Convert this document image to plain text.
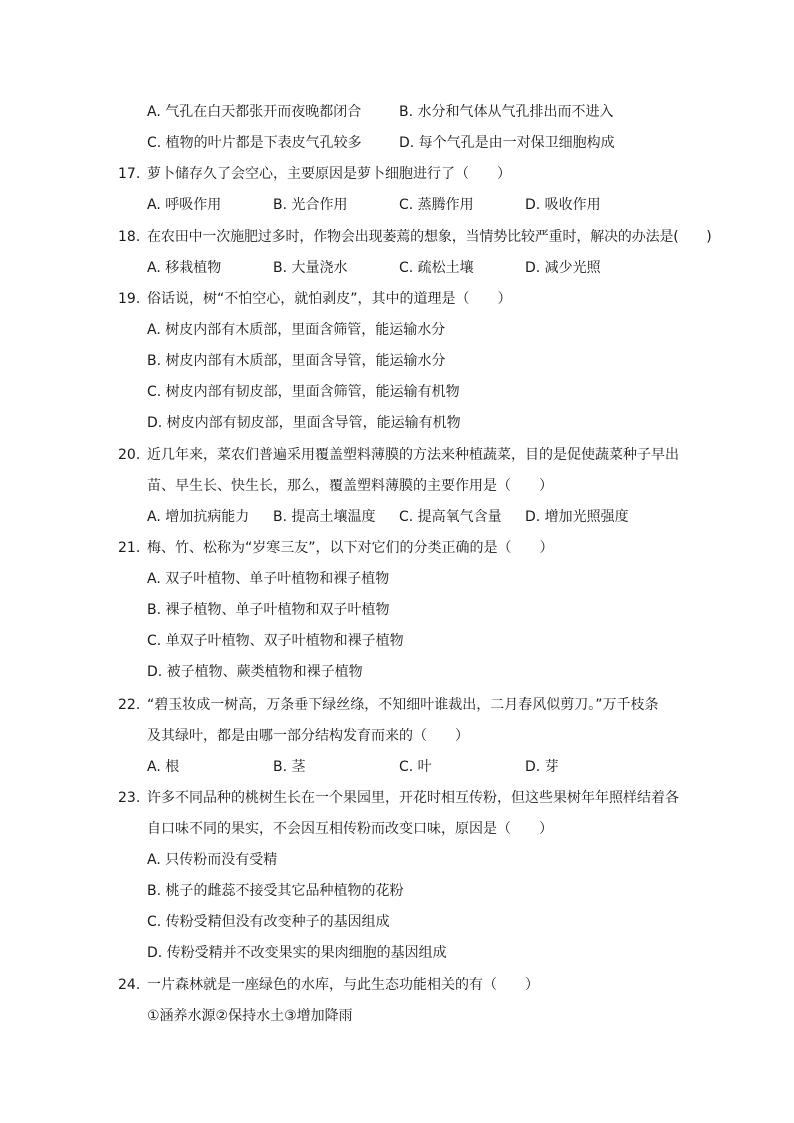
A. 气孔在白天都张开而夜晚都闭合	B. 水分和气体从气孔排出而不进入
C. 植物的叶片都是下表皮气孔较多	D. 每个气孔是由一对保卫细胞构成
17. 萝卜储存久了会空心，主要原因是萝卜细胞进行了（　　）
A. 呼吸作用	B. 光合作用	C. 蒸腾作用	D. 吸收作用
18. 在农田中一次施肥过多时，作物会出现萎蔫的想象，当情势比较严重时，解决的办法是(　　)
A. 移栽植物	B. 大量浇水	C. 疏松土壤	D. 减少光照
19. 俗话说，树“不怕空心，就怕剥皮”，其中的道理是（　　）
A. 树皮内部有木质部，里面含筛管，能运输水分
B. 树皮内部有木质部，里面含导管，能运输水分
C. 树皮内部有韧皮部，里面含筛管，能运输有机物
D. 树皮内部有韧皮部，里面含导管，能运输有机物
20. 近几年来，菜农们普遍采用覆盖塑料薄膜的方法来种植蔬菜，目的是促使蔬菜种子早出
苗、早生长、快生长，那么，覆盖塑料薄膜的主要作用是（　　）
A. 增加抗病能力 B. 提高土壤温度 C. 提高氧气含量 D. 增加光照强度
21. 梅、竹、松称为“岁寒三友”，以下对它们的分类正确的是（　　）
A. 双子叶植物、单子叶植物和裸子植物
B. 裸子植物、单子叶植物和双子叶植物
C. 单双子叶植物、双子叶植物和裸子植物
D. 被子植物、蕨类植物和裸子植物
22. “碧玉妆成一树高，万条垂下绿丝绦，不知细叶谁裁出，二月春风似剪刀。”万千枝条
及其绿叶，都是由哪一部分结构发育而来的（　　）
A. 根	B. 茎	C. 叶	D. 芽
23. 许多不同品种的桃树生长在一个果园里，开花时相互传粉，但这些果树年年照样结着各
自口味不同的果实，不会因互相传粉而改变口味，原因是（　　）
A. 只传粉而没有受精
B. 桃子的雌蕊不接受其它品种植物的花粉
C. 传粉受精但没有改变种子的基因组成
D. 传粉受精并不改变果实的果肉细胞的基因组成
24. 一片森林就是一座绿色的水库，与此生态功能相关的有（　　）
①涵养水源②保持水土③增加降雨
